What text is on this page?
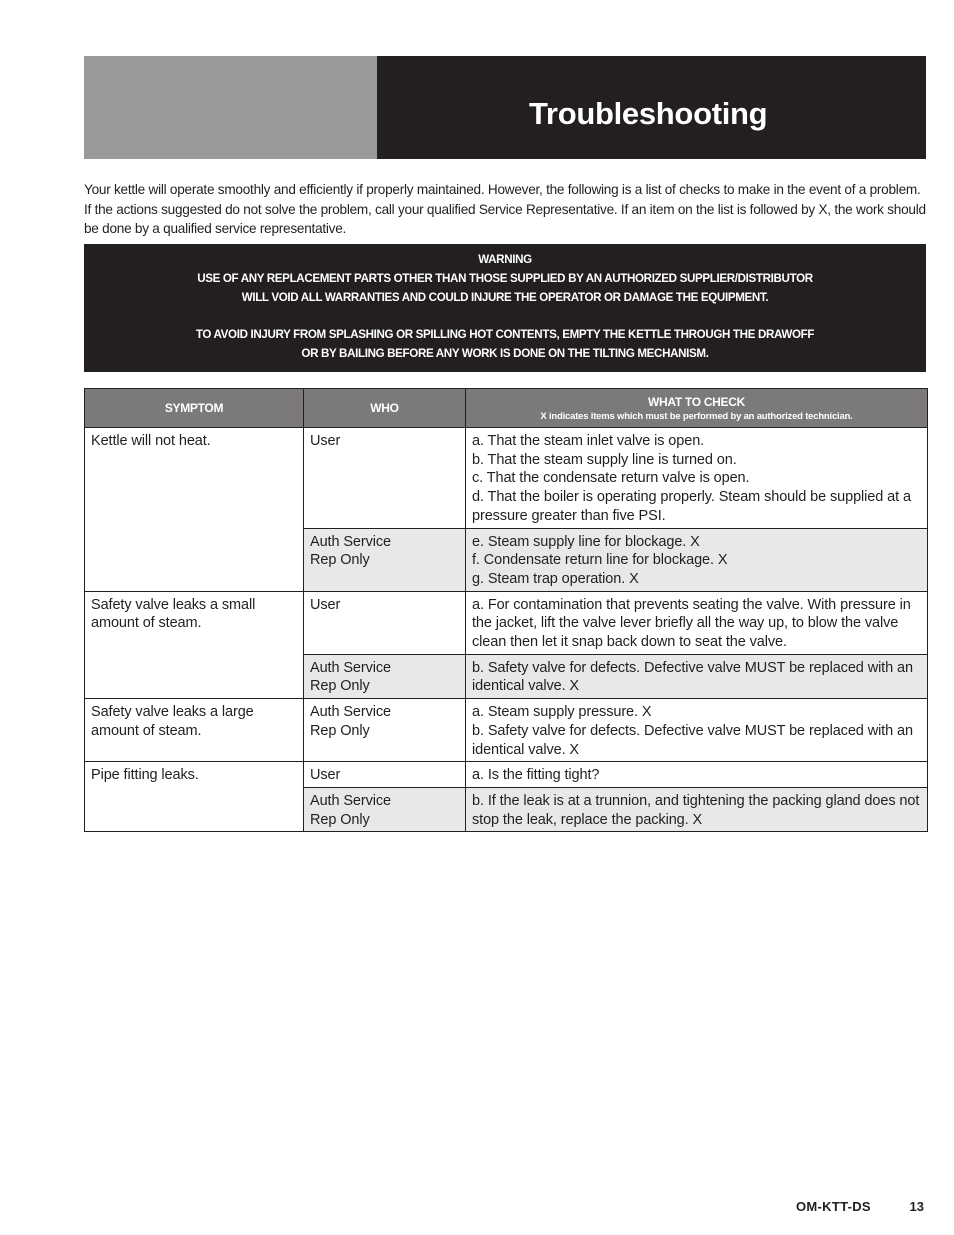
Troubleshooting

Your kettle will operate smoothly and efficiently if properly maintained. However, the following is a list of checks to make in the event of a problem. If the actions suggested do not solve the problem, call your qualified Service Representative. If an item on the list is followed by X, the work should be done by a qualified service representative.

WARNING
USE OF ANY REPLACEMENT PARTS OTHER THAN THOSE SUPPLIED BY AN AUTHORIZED SUPPLIER/DISTRIBUTOR
WILL VOID ALL WARRANTIES AND COULD INJURE THE OPERATOR OR DAMAGE THE EQUIPMENT.
TO AVOID INJURY FROM SPLASHING OR SPILLING HOT CONTENTS, EMPTY THE KETTLE THROUGH THE DRAWOFF
OR BY BAILING BEFORE ANY WORK IS DONE ON THE TILTING MECHANISM.
SYMPTOM	WHO	WHAT TO CHECK
X indicates items which must be performed by an authorized technician.

Kettle will not heat.	User	a. That the steam inlet valve is open.
b. That the steam supply line is turned on.
c. That the condensate return valve is open.
d. That the boiler is operating properly. Steam should be supplied at a pressure greater than five PSI.

	Auth Service
Rep Only	e. Steam supply line for blockage. X
f. Condensate return line for blockage. X
g. Steam trap operation. X

Safety valve leaks a small amount of steam.	User	a. For contamination that prevents seating the valve. With pressure in the jacket, lift the valve lever briefly all the way up, to blow the valve clean then let it snap back down to seat the valve.

	Auth Service
Rep Only	b. Safety valve for defects. Defective valve MUST be replaced with an identical valve. X

Safety valve leaks a large amount of steam.	Auth Service
Rep Only	a. Steam supply pressure. X
b. Safety valve for defects. Defective valve MUST be replaced with an identical valve. X

Pipe fitting leaks.	User	a. Is the fitting tight?

	Auth Service
Rep Only	b. If the leak is at a trunnion, and tightening the packing gland does not stop the leak, replace the packing. X
OM-KTT-DS	13
